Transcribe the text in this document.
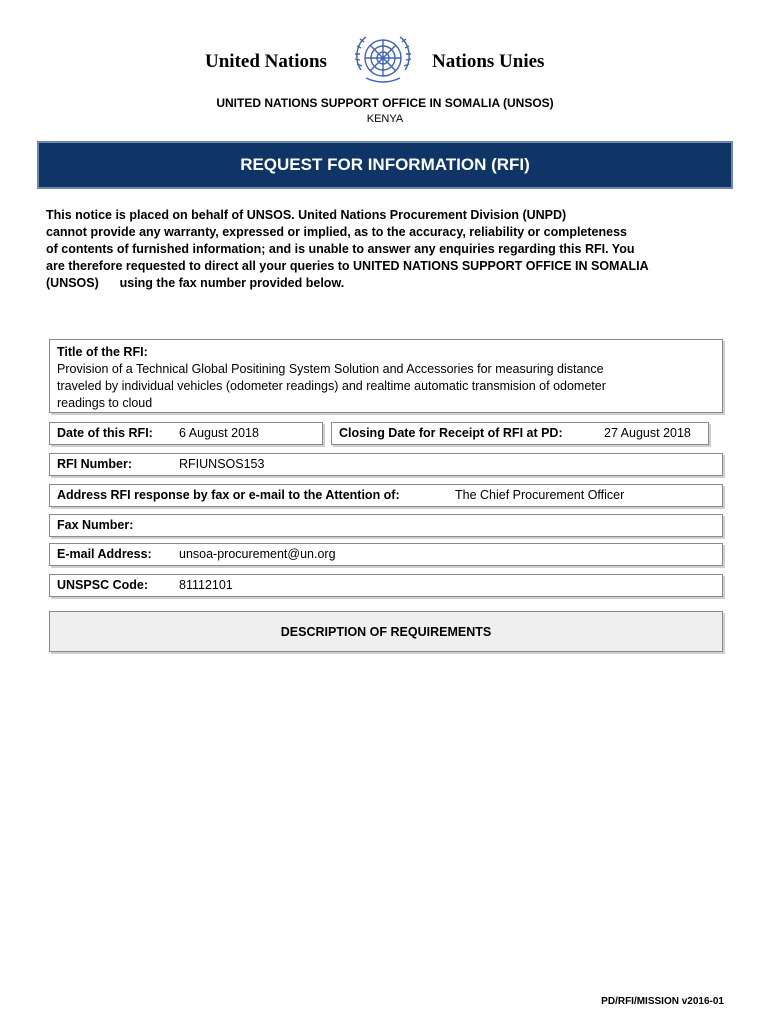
United Nations	Nations Unies
UNITED NATIONS SUPPORT OFFICE IN SOMALIA (UNSOS)
KENYA
REQUEST FOR INFORMATION (RFI)
This notice is placed on behalf of UNSOS. United Nations Procurement Division (UNPD)
cannot provide any warranty, expressed or implied, as to the accuracy, reliability or completeness
of contents of furnished information; and is unable to answer any enquiries regarding this RFI. You
are therefore requested to direct all your queries to UNITED NATIONS SUPPORT OFFICE IN SOMALIA
(UNSOS)      using the fax number provided below.
Title of the RFI:
Provision of a Technical Global Positining System Solution and Accessories for measuring distance
traveled by individual vehicles (odometer readings) and realtime automatic transmision of odometer
readings to cloud
Date of this RFI: 6 August 2018	Closing Date for Receipt of RFI at PD:	27 August 2018
RFI Number:	RFIUNSOS153
Address RFI response by fax or e-mail to the Attention of:	The Chief Procurement Officer
Fax Number:
E-mail Address: unsoa-procurement@un.org
UNSPSC Code: 81112101
DESCRIPTION OF REQUIREMENTS
PD/RFI/MISSION v2016-01
